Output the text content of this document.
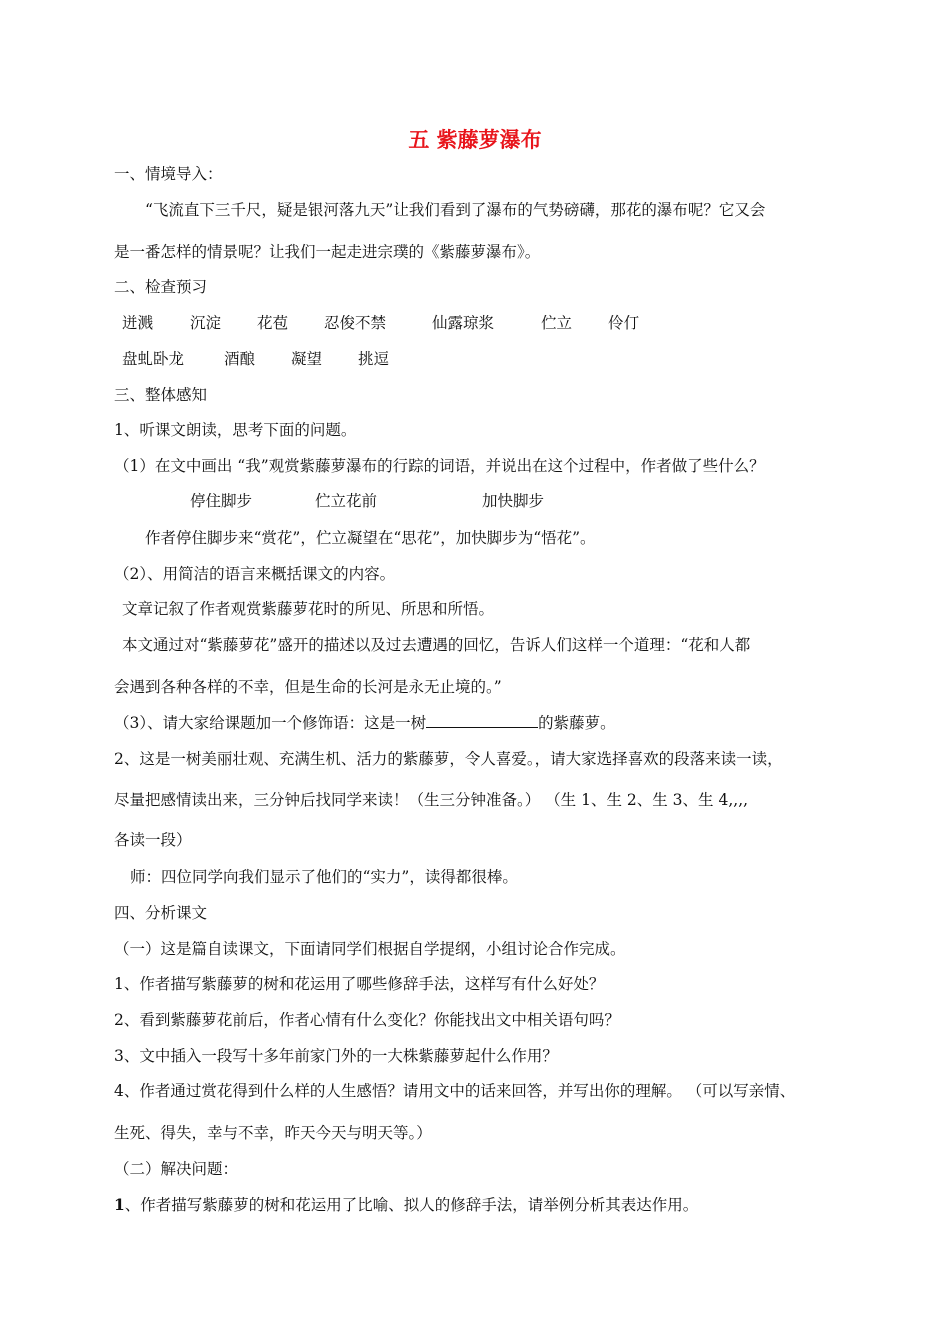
五 紫藤萝瀑布
一、情境导入：
“飞流直下三千尺，疑是银河落九天”让我们看到了瀑布的气势磅礴，那花的瀑布呢？它又会
是一番怎样的情景呢？让我们一起走进宗璞的《紫藤萝瀑布》。
二、检查预习
迸溅 沉淀 花苞 忍俊不禁	仙露琼浆	伫立 伶仃
盘虬卧龙	酒酿 凝望 挑逗
三、整体感知
1、听课文朗读，思考下面的问题。
（1）在文中画出 “我”观赏紫藤萝瀑布的行踪的词语，并说出在这个过程中，作者做了些什么？
停住脚步	伫立花前	加快脚步
作者停住脚步来“赏花”，伫立凝望在“思花”，加快脚步为“悟花”。
（2）、用简洁的语言来概括课文的内容。
文章记叙了作者观赏紫藤萝花时的所见、所思和所悟。
本文通过对“紫藤萝花”盛开的描述以及过去遭遇的回忆，告诉人们这样一个道理：“花和人都
会遇到各种各样的不幸，但是生命的长河是永无止境的。”
（3）、请大家给课题加一个修饰语：这是一树	的紫藤萝。
2、这是一树美丽壮观、充满生机、活力的紫藤萝，令人喜爱。，请大家选择喜欢的段落来读一读，
尽量把感情读出来，三分钟后找同学来读！（生三分钟准备。） （生 1、生 2、生 3、生 4,,,,
各读一段）
师：四位同学向我们显示了他们的“实力”，读得都很棒。
四、分析课文
（一）这是篇自读课文，下面请同学们根据自学提纲，小组讨论合作完成。
1、作者描写紫藤萝的树和花运用了哪些修辞手法，这样写有什么好处？
2、看到紫藤萝花前后，作者心情有什么变化？你能找出文中相关语句吗？
3、文中插入一段写十多年前家门外的一大株紫藤萝起什么作用？
4、作者通过赏花得到什么样的人生感悟？请用文中的话来回答，并写出你的理解。 （可以写亲情、
生死、得失，幸与不幸，昨天今天与明天等。）
（二）解决问题：
1、作者描写紫藤萝的树和花运用了比喻、拟人的修辞手法，请举例分析其表达作用。
